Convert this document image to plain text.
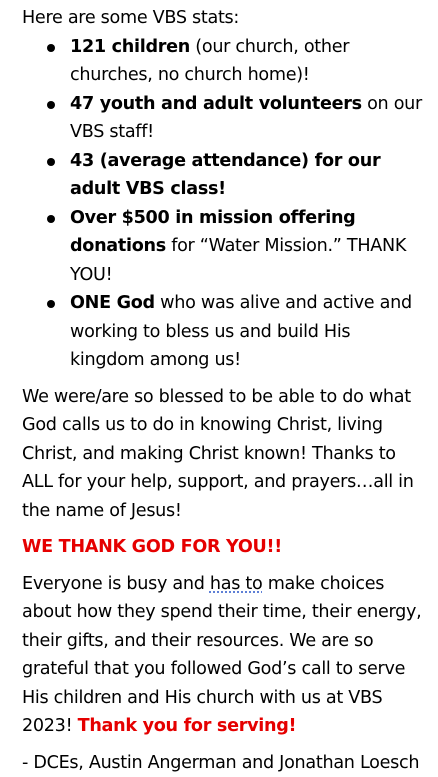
Here are some VBS stats:

121 children (our church, other churches, no church home)!
47 youth and adult volunteers on our VBS staff!
43 (average attendance) for our adult VBS class!
Over $500 in mission offering donations for “Water Mission.” THANK YOU!
ONE God who was alive and active and working to bless us and build His kingdom among us!

We were/are so blessed to be able to do what God calls us to do in knowing Christ, living Christ, and making Christ known! Thanks to ALL for your help, support, and prayers…all in the name of Jesus!

WE THANK GOD FOR YOU!!

Everyone is busy and has to make choices about how they spend their time, their energy, their gifts, and their resources. We are so grateful that you followed God’s call to serve His children and His church with us at VBS 2023! Thank you for serving!

- DCEs, Austin Angerman and Jonathan Loesch
